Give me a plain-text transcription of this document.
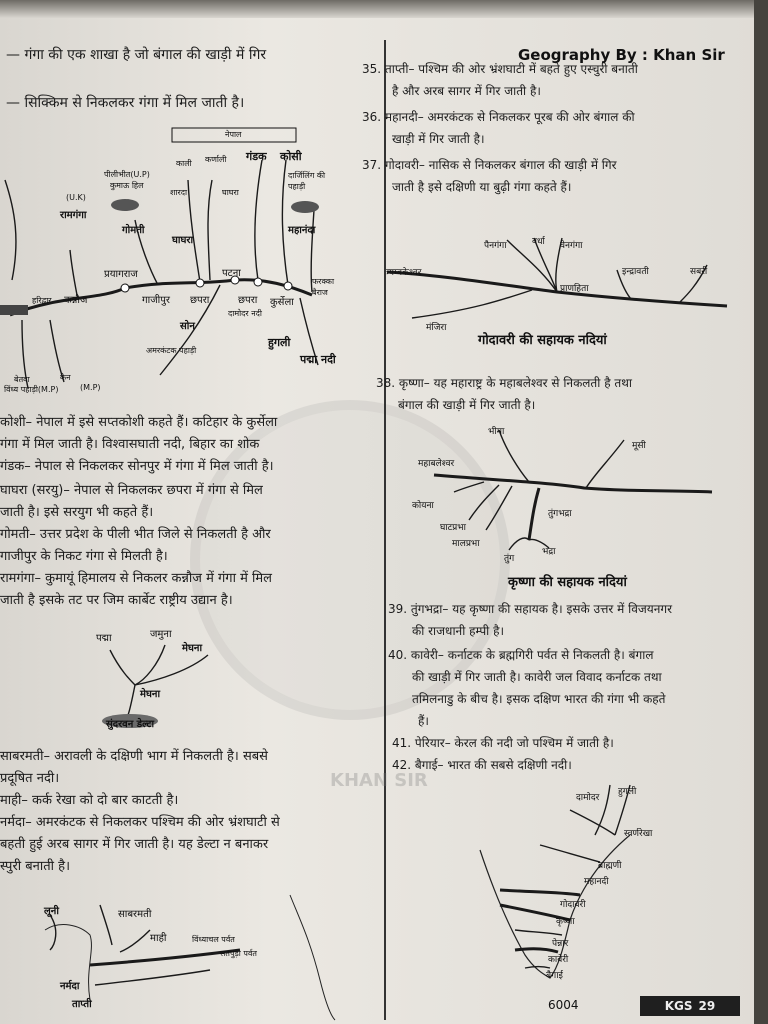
Geography By : Khan Sir
— गंगा की एक शाखा है जो बंगाल की खाड़ी में गिर
— सिक्किम से निकलकर गंगा में मिल जाती है।
नेपाल
गंडक कोसी
काली कर्णाली
शारदा	घाघरा
पीलीभीत(U.P)
कुमाऊ हिल
(U.K)
रामगंगा
गोमती
घाघरा
दार्जिलिंग की पहाड़ी
महानंदा
प्रयागराज	पटना
फरक्का बैराज
हरिद्वार कन्नौज	गाजीपुर छपरा	छपरा कुर्सेला
दामोदर नदी
सोन
अमरकंटक पहाड़ी
हुगली
पद्मा नदी
बेतवा	केन
विंध्य पहाड़ी(M.P)	(M.P)
कोशी– नेपाल में इसे सप्तकोशी कहते हैं। कटिहार के कुर्सेला
गंगा में मिल जाती है। विश्वासघाती नदी, बिहार का शोक
गंडक– नेपाल से निकलकर सोनपुर में गंगा में मिल जाती है।
घाघरा (सरयु)– नेपाल से निकलकर छपरा में गंगा से मिल
जाती है। इसे सरयुग भी कहते हैं।
गोमती– उत्तर प्रदेश के पीली भीत जिले से निकलती है और
गाजीपुर के निकट गंगा से मिलती है।
रामगंगा– कुमायूं हिमालय से निकलर कन्नौज में गंगा में मिल
जाती है इसके तट पर जिम कार्बेट राष्ट्रीय उद्यान है।
पद्मा	जमुना
मेघना
मेघना
सुंदरवन डेल्टा
साबरमती– अरावली के दक्षिणी भाग में निकलती है। सबसे
प्रदूषित नदी।
माही– कर्क रेखा को दो बार काटती है।
नर्मदा– अमरकंटक से निकलकर पश्चिम की ओर भ्रंशघाटी से
बहती हुई अरब सागर में गिर जाती है। यह डेल्टा न बनाकर
स्पुरी बनाती है।
लूनी	साबरमती
माही	विंध्याचल पर्वत
सतपुड़ा पर्वत
नर्मदा
ताप्ती
35. ताप्ती– पश्चिम की ओर भ्रंशघाटी में बहते हुए एस्चुरी बनाती
है और अरब सागर में गिर जाती है।
36. महानदी– अमरकंटक से निकलकर पूरब की ओर बंगाल की
खाड़ी में गिर जाती है।
37. गोदावरी– नासिक से निकलकर बंगाल की खाड़ी में गिर
जाती है इसे दक्षिणी या बुढ़ी गंगा कहते हैं।
पैनगंगा	वर्धा वेनगंगा
त्र्यम्बकेश्वर
प्राणहिता
इन्द्रावती	सबरी
मंजिरा
गोदावरी की सहायक नदियां
38. कृष्णा– यह महाराष्ट्र के महाबलेश्वर से निकलती है तथा
बंगाल की खाड़ी में गिर जाती है।
भीमा
मूसी
महाबलेश्वर
कोयना
घाटप्रभा
मालप्रभा
तुंगभद्रा
तुंग
भद्रा
कृष्णा की सहायक नदियां
39. तुंगभद्रा– यह कृष्णा की सहायक है। इसके उत्तर में विजयनगर
की राजधानी हम्पी है।
40. कावेरी– कर्नाटक के ब्रह्मगिरी पर्वत से निकलती है। बंगाल
की खाड़ी में गिर जाती है। कावेरी जल विवाद कर्नाटक तथा
तमिलनाडु के बीच है। इसक दक्षिण भारत की गंगा भी कहते
हैं।
41. पेरियार– केरल की नदी जो पश्चिम में जाती है।
42. बैगाई– भारत की सबसे दक्षिणी नदी।
दामोदर
हुगली
स्वर्णरेखा
ब्राह्मणी
महानदी
गोदावरी
कृष्णा
पेन्नार
कावेरी
बैगाई
KHAN SIR
6004	KGS 29
